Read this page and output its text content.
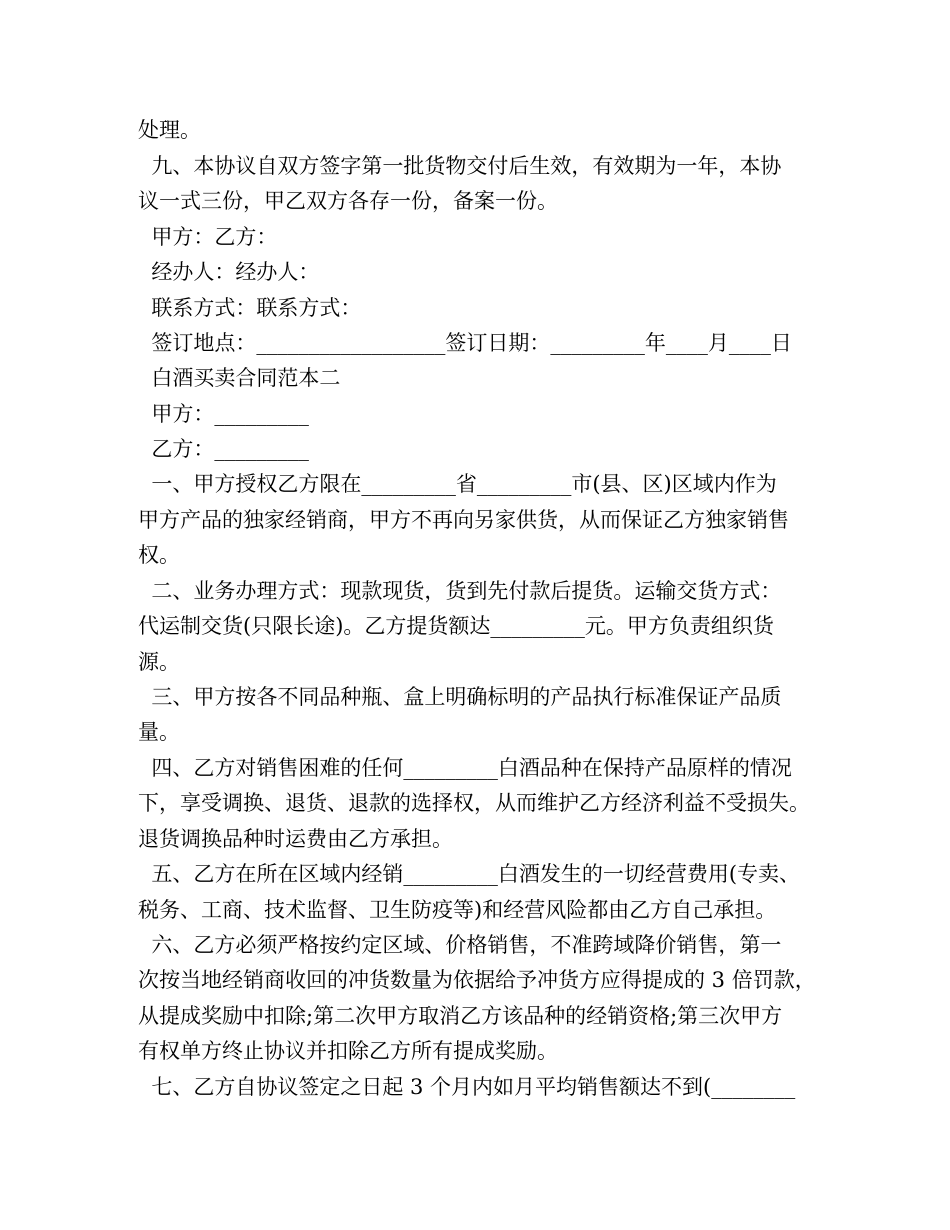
处理。
九、本协议自双方签字第一批货物交付后生效，有效期为一年，本协
议一式三份，甲乙双方各存一份，备案一份。
甲方：乙方：
经办人：经办人：
联系方式：联系方式：
签订地点：__________________签订日期：_________年____月____日
白酒买卖合同范本二
甲方：_________
乙方：_________
一、甲方授权乙方限在_________省_________市(县、区)区域内作为
甲方产品的独家经销商，甲方不再向另家供货，从而保证乙方独家销售
权。
二、业务办理方式：现款现货，货到先付款后提货。运输交货方式：
代运制交货(只限长途)。乙方提货额达_________元。甲方负责组织货
源。
三、甲方按各不同品种瓶、盒上明确标明的产品执行标准保证产品质
量。
四、乙方对销售困难的任何_________白酒品种在保持产品原样的情况
下，享受调换、退货、退款的选择权，从而维护乙方经济利益不受损失。
退货调换品种时运费由乙方承担。
五、乙方在所在区域内经销_________白酒发生的一切经营费用(专卖、
税务、工商、技术监督、卫生防疫等)和经营风险都由乙方自己承担。
六、乙方必须严格按约定区域、价格销售，不准跨域降价销售，第一
次按当地经销商收回的冲货数量为依据给予冲货方应得提成的 3 倍罚款，
从提成奖励中扣除;第二次甲方取消乙方该品种的经销资格;第三次甲方
有权单方终止协议并扣除乙方所有提成奖励。
七、乙方自协议签定之日起 3 个月内如月平均销售额达不到(________
